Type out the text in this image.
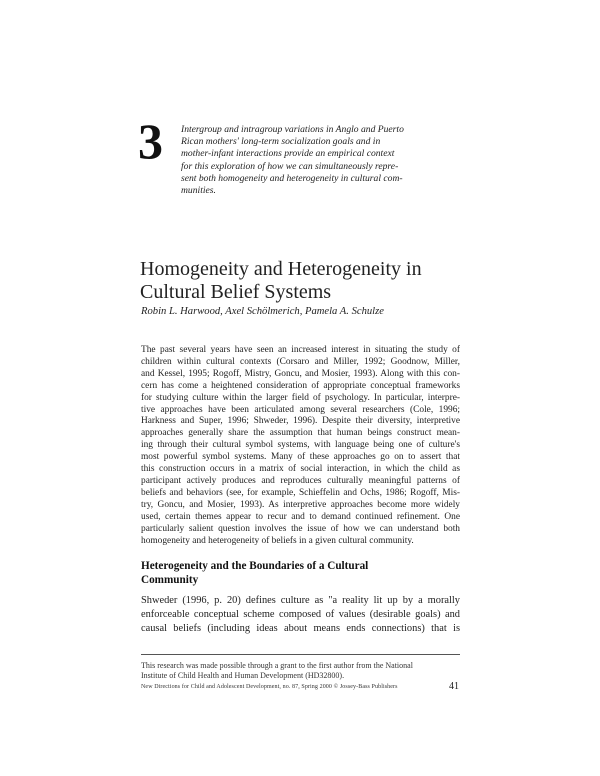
3 Intergroup and intragroup variations in Anglo and Puerto
Rican mothers' long-term socialization goals and in
mother-infant interactions provide an empirical context
for this exploration of how we can simultaneously repre-
sent both homogeneity and heterogeneity in cultural com-
munities.
Homogeneity and Heterogeneity in
Cultural Belief Systems
Robin L. Harwood, Axel Schölmerich, Pamela A. Schulze
The past several years have seen an increased interest in situating the study of
children within cultural contexts (Corsaro and Miller, 1992; Goodnow, Miller,
and Kessel, 1995; Rogoff, Mistry, Goncu, and Mosier, 1993). Along with this con-
cern has come a heightened consideration of appropriate conceptual frameworks
for studying culture within the larger field of psychology. In particular, interpre-
tive approaches have been articulated among several researchers (Cole, 1996;
Harkness and Super, 1996; Shweder, 1996). Despite their diversity, interpretive
approaches generally share the assumption that human beings construct mean-
ing through their cultural symbol systems, with language being one of culture's
most powerful symbol systems. Many of these approaches go on to assert that
this construction occurs in a matrix of social interaction, in which the child as
participant actively produces and reproduces culturally meaningful patterns of
beliefs and behaviors (see, for example, Schieffelin and Ochs, 1986; Rogoff, Mis-
try, Goncu, and Mosier, 1993). As interpretive approaches become more widely
used, certain themes appear to recur and to demand continued refinement. One
particularly salient question involves the issue of how we can understand both
homogeneity and heterogeneity of beliefs in a given cultural community.
Heterogeneity and the Boundaries of a Cultural
Community
Shweder (1996, p. 20) defines culture as "a reality lit up by a morally
enforceable conceptual scheme composed of values (desirable goals) and
causal beliefs (including ideas about means ends connections) that is
This research was made possible through a grant to the first author from the National
Institute of Child Health and Human Development (HD32800).
New Directions for Child and Adolescent Development, no. 87, Spring 2000 © Jossey-Bass Publishers	41
